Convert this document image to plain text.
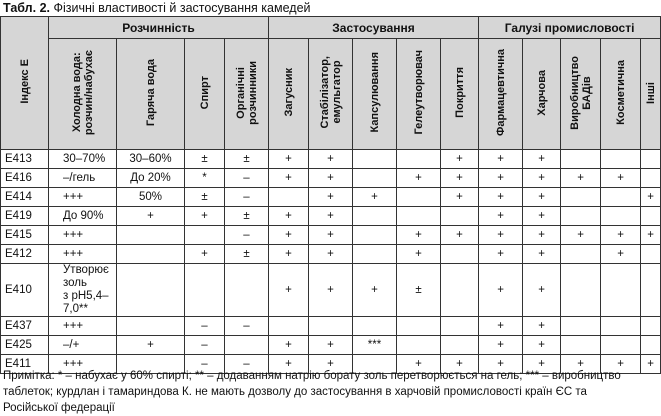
Табл. 2. Фізичні властивості й застосування камедей
Індекс Е	Розчинність				Застосування					Галузі промисловості				
	Холодна вода:
розчин/набухає	Гаряча вода	Спирт	Органічні
розчинники	Загусник	Стабілізатор,
емульгатор	Капсулювання	Гелеутворювач	Покриття	Фармацевтична	Харчова	Виробництво
БАДів	Косметична	Інші
E413	30–70%	30–60%	±	±	+	+			+	+	+			
E416	–/гель	До 20%	*	–	+	+		+	+	+	+	+	+	
E414	+++	50%	±	–		+	+		+	+	+			+
E419	До 90%	+	+	±	+	+				+	+			
E415	+++			–	+	+		+	+	+	+	+	+	+
E412	+++		+	±	+	+		+		+	+		+	
E410	Утворює золь
з pH5,4–7,0**				+	+	+	±		+	+			
E437	+++		–	–						+	+			
E425	–/+	+	–		+	+	***			+	+			
E411	+++		–	–	+	+		+	+	+	+	+	+	+
Примітка: * – набухає у 60% спирті; ** – додаванням натрію борату золь перетворюється на гель; *** – виробництво таблеток; курдлан і тамариндова К. не мають дозволу до застосування в харчовій промисловості країн ЄС та Російської федерації
